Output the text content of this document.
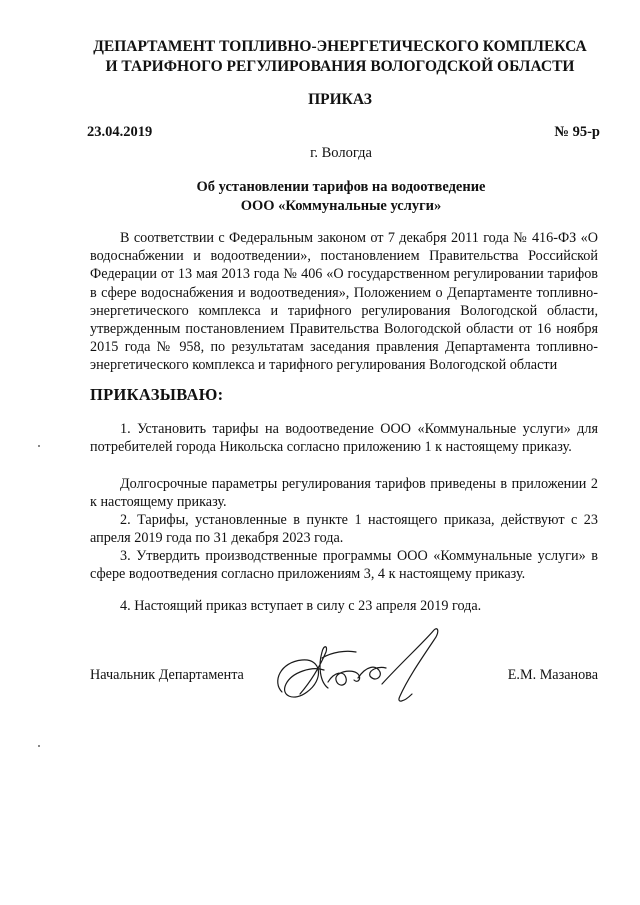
ДЕПАРТАМЕНТ ТОПЛИВНО-ЭНЕРГЕТИЧЕСКОГО КОМПЛЕКСА
И ТАРИФНОГО РЕГУЛИРОВАНИЯ ВОЛОГОДСКОЙ ОБЛАСТИ
ПРИКАЗ
23.04.2019	№ 95-р
г. Вологда
Об установлении тарифов на водоотведение
ООО «Коммунальные услуги»
В соответствии с Федеральным законом от 7 декабря 2011 года № 416-ФЗ «О водоснабжении и водоотведении», постановлением Правительства Российской Федерации от 13 мая 2013 года № 406 «О государственном регулировании тарифов в сфере водоснабжения и водоотведения», Положением о Департаменте топливно-энергетического комплекса и тарифного регулирования Вологодской области, утвержденным постановлением Правительства Вологодской области от 16 ноября 2015 года № 958, по результатам заседания правления Департамента топливно-энергетического комплекса и тарифного регулирования Вологодской области
ПРИКАЗЫВАЮ:
1. Установить тарифы на водоотведение ООО «Коммунальные услуги» для потребителей города Никольска согласно приложению 1 к настоящему приказу.
Долгосрочные параметры регулирования тарифов приведены в приложении 2 к настоящему приказу.
2. Тарифы, установленные в пункте 1 настоящего приказа, действуют с 23 апреля 2019 года по 31 декабря 2023 года.
3. Утвердить производственные программы ООО «Коммунальные услуги» в сфере водоотведения согласно приложениям 3, 4 к настоящему приказу.
4. Настоящий приказ вступает в силу с 23 апреля 2019 года.
Начальник Департамента	Е.М. Мазанова
